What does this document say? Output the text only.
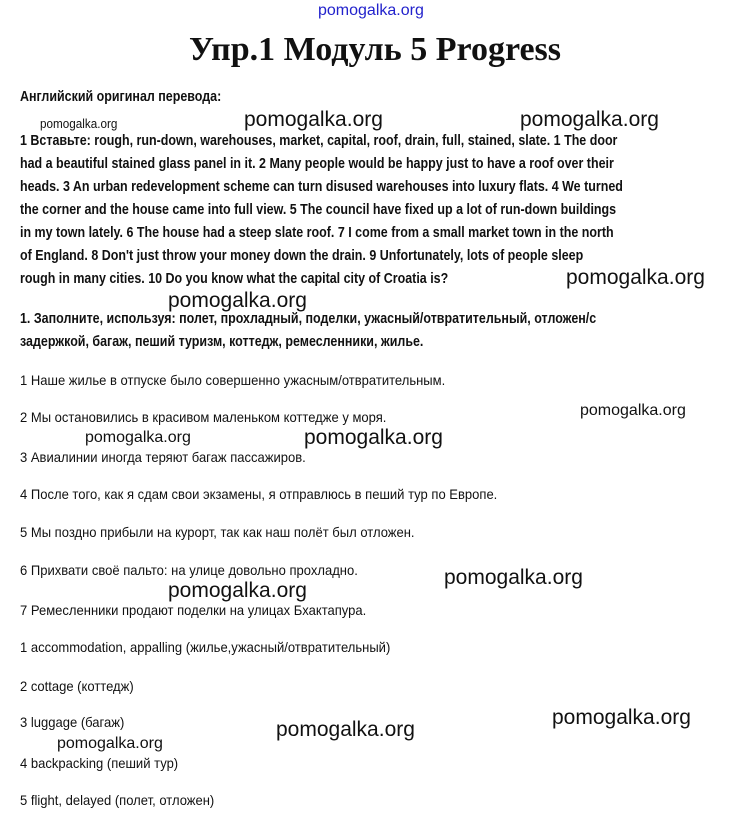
pomogalka.org
Упр.1 Модуль 5 Progress
Английский оригинал перевода:
1 Вставьте: rough, run-down, warehouses, market, capital, roof, drain, full, stained, slate. 1 The door
had a beautiful stained glass panel in it. 2 Many people would be happy just to have a roof over their
heads. 3 An urban redevelopment scheme can turn disused warehouses into luxury flats. 4 We turned
the corner and the house came into full view. 5 The council have fixed up a lot of run-down buildings
in my town lately. 6 The house had a steep slate roof. 7 I come from a small market town in the north
of England. 8 Don't just throw your money down the drain. 9 Unfortunately, lots of people sleep
rough in many cities. 10 Do you know what the capital city of Croatia is?
1. Заполните, используя: полет, прохладный, поделки, ужасный/отвратительный, отложен/с
задержкой, багаж, пеший туризм, коттедж, ремесленники, жилье.
1 Наше жилье в отпуске было совершенно ужасным/отвратительным.
2 Мы остановились в красивом маленьком коттедже у моря.
3 Авиалинии иногда теряют багаж пассажиров.
4 После того, как я сдам свои экзамены, я отправлюсь в пеший тур по Европе.
5 Мы поздно прибыли на курорт, так как наш полёт был отложен.
6 Прихвати своё пальто: на улице довольно прохладно.
7 Ремесленники продают поделки на улицах Бхактапура.
1 accommodation, appalling (жилье,ужасный/отвратительный)
2 cottage (коттедж)
3 luggage (багаж)
4 backpacking (пеший тур)
5 flight, delayed (полет, отложен)
pomogalka.org	pomogalka.org
pomogalka.org
pomogalka.org
pomogalka.org
pomogalka.org
pomogalka.org	pomogalka.org
pomogalka.org
pomogalka.org
pomogalka.org
pomogalka.org
pomogalka.org
